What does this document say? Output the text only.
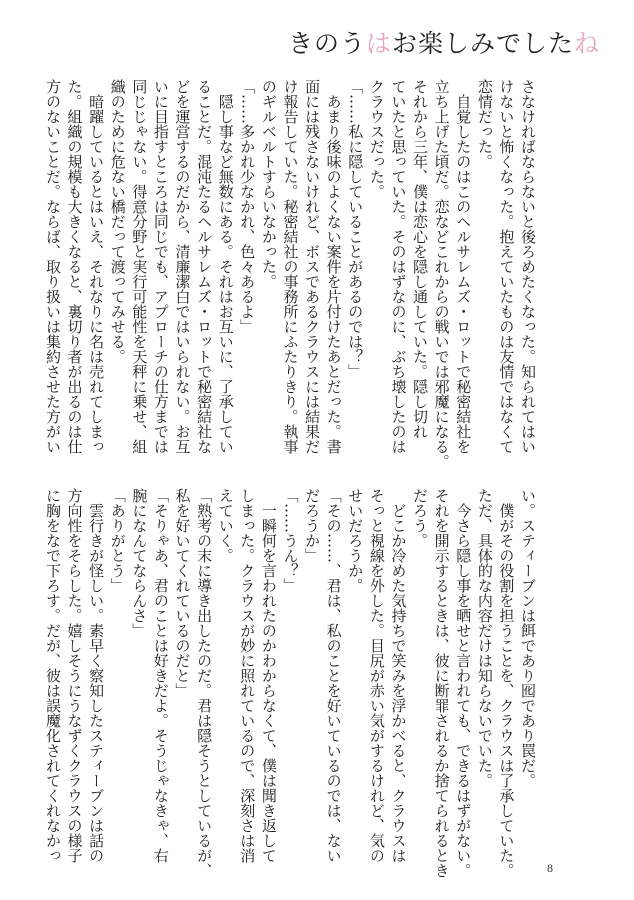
きのうはお楽しみでしたね

さなければならないと後ろめたくなった。知られてはい

けないと怖くなった。抱えていたものは友情ではなくて

恋情だった。

　自覚したのはこのヘルサレムズ・ロットで秘密結社を

立ち上げた頃だ。恋などこれからの戦いでは邪魔になる。

それから三年、僕は恋心を隠し通していた。隠し切れ

ていたと思っていた。そのはずなのに、ぶち壊したのは

クラウスだった。

「……私に隠していることがあるのでは？」

　あまり後味のよくない案件を片付けたあとだった。書

面には残さないけれど、ボスであるクラウスには結果だ

け報告していた。秘密結社の事務所にふたりきり。執事

のギルベルトすらいなかった。

「……多かれ少なかれ、色々あるよ」

　隠し事など無数にある。それはお互いに、了承してい

ることだ。混沌たるヘルサレムズ・ロットで秘密結社な

どを運営するのだから、清廉潔白ではいられない。お互

いに目指すところは同じでも、アプローチの仕方までは

同じじゃない。得意分野と実行可能性を天秤に乗せ、組

織のために危ない橋だって渡ってみせる。

　暗躍しているとはいえ、それなりに名は売れてしまっ

た。組織の規模も大きくなると、裏切り者が出るのは仕

方のないことだ。ならば、取り扱いは集約させた方がい

い。スティーブンは餌であり囮であり罠だ。

　僕がその役割を担うことを、クラウスは了承していた。

ただ、具体的な内容だけは知らないでいた。

　今さら隠し事を晒せと言われても、できるはずがない。

それを開示するときは、彼に断罪されるか捨てられるとき

だろう。

　どこか冷めた気持ちで笑みを浮かべると、クラウスは

そっと視線を外した。目尻が赤い気がするけれど、気の

せいだろうか。

「その……、君は、私のことを好いているのでは、ない

だろうか」

「……うん？」

　一瞬何を言われたのかわからなくて、僕は聞き返して

しまった。クラウスが妙に照れているので、深刻さは消

えていく。

「熟考の末に導き出したのだ。君は隠そうとしているが、

私を好いてくれているのだと」

「そりゃあ、君のことは好きだよ。そうじゃなきゃ、右

腕になんてならんさ」

「ありがとう」

　雲行きが怪しい。素早く察知したスティーブンは話の

方向性をそらした。嬉しそうにうなずくクラウスの様子

に胸をなで下ろす。だが、彼は誤魔化されてくれなかっ

8
